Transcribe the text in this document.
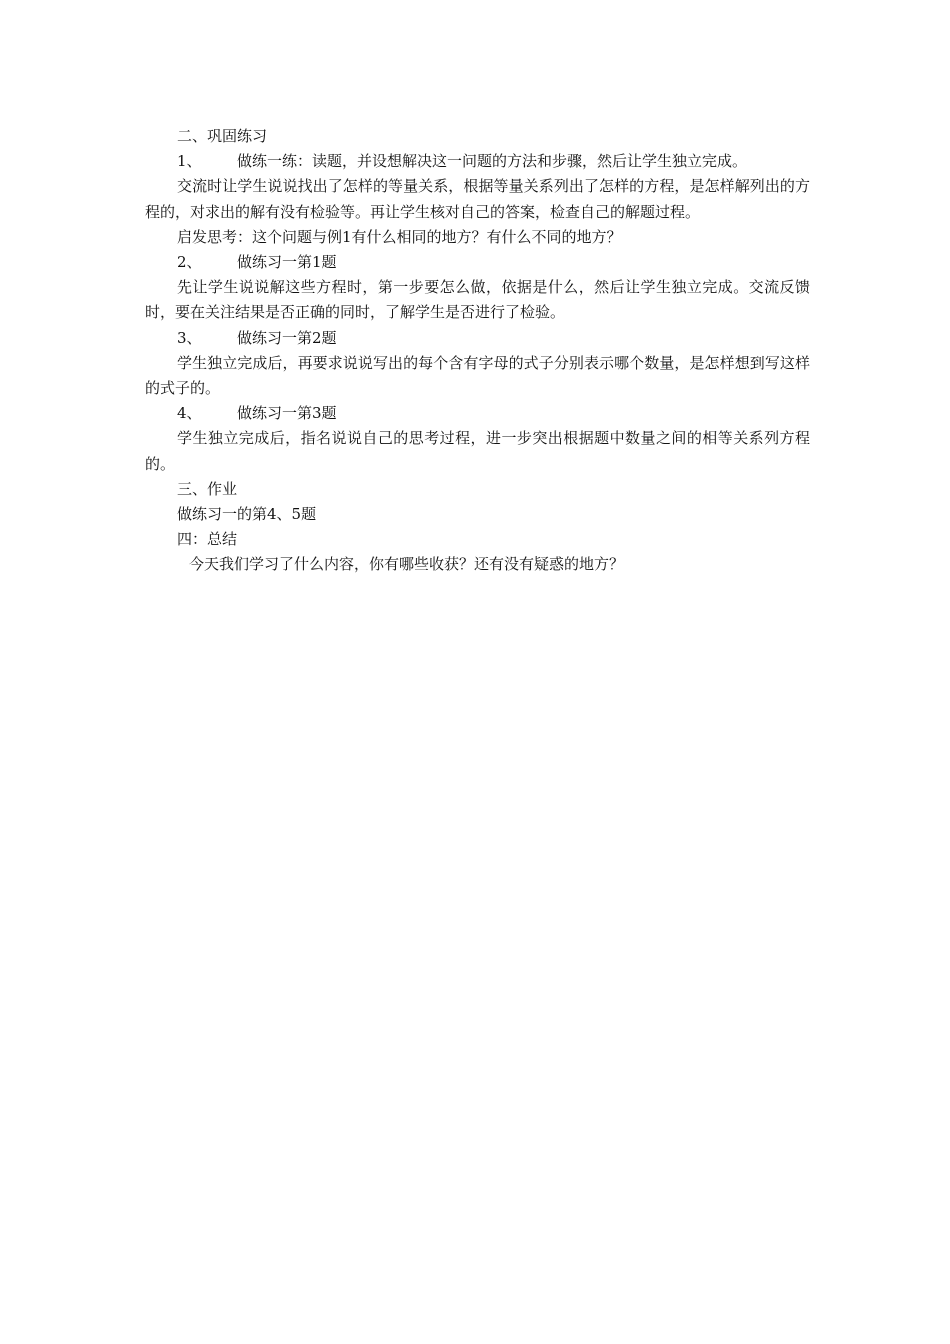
二、巩固练习

1、 做练一练：读题，并设想解决这一问题的方法和步骤，然后让学生独立完成。

交流时让学生说说找出了怎样的等量关系，根据等量关系列出了怎样的方程，是怎样解列出的方程的，对求出的解有没有检验等。再让学生核对自己的答案，检查自己的解题过程。

启发思考：这个问题与例1有什么相同的地方？有什么不同的地方？

2、 做练习一第1题

先让学生说说解这些方程时，第一步要怎么做，依据是什么，然后让学生独立完成。交流反馈时，要在关注结果是否正确的同时，了解学生是否进行了检验。

3、 做练习一第2题

学生独立完成后，再要求说说写出的每个含有字母的式子分别表示哪个数量，是怎样想到写这样的式子的。

4、 做练习一第3题

学生独立完成后，指名说说自己的思考过程，进一步突出根据题中数量之间的相等关系列方程的。

三、作业

做练习一的第4、5题

四：总结

今天我们学习了什么内容，你有哪些收获？还有没有疑惑的地方？
